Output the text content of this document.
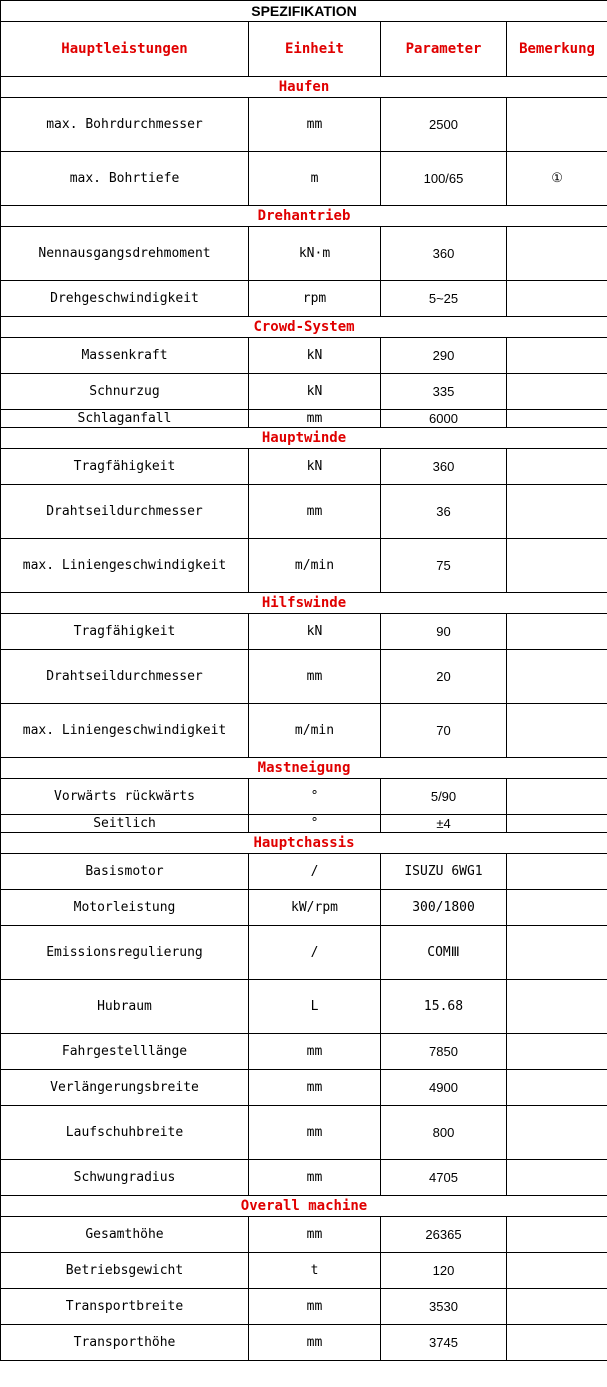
SPEZIFIKATION			
Hauptleistungen	Einheit	Parameter	Bemerkung
Haufen			
max. Bohrdurchmesser	mm	2500	
max. Bohrtiefe	m	100/65	①
Drehantrieb			
Nennausgangsdrehmoment	kN·m	360	
Drehgeschwindigkeit	rpm	5~25	
Crowd-System			
Massenkraft	kN	290	
Schnurzug	kN	335	
Schlaganfall	mm	6000	
Hauptwinde			
Tragfähigkeit	kN	360	
Drahtseildurchmesser	mm	36	
max. Liniengeschwindigkeit	m/min	75	
Hilfswinde			
Tragfähigkeit	kN	90	
Drahtseildurchmesser	mm	20	
max. Liniengeschwindigkeit	m/min	70	
Mastneigung			
Vorwärts rückwärts	°	5/90	
Seitlich	°	±4	
Hauptchassis			
Basismotor	/	ISUZU 6WG1	
Motorleistung	kW/rpm	300/1800	
Emissionsregulierung	/	COMⅢ	
Hubraum	L	15.68	
Fahrgestelllänge	mm	7850	
Verlängerungsbreite	mm	4900	
Laufschuhbreite	mm	800	
Schwungradius	mm	4705	
Overall machine			
Gesamthöhe	mm	26365	
Betriebsgewicht	t	120	
Transportbreite	mm	3530	
Transporthöhe	mm	3745	
